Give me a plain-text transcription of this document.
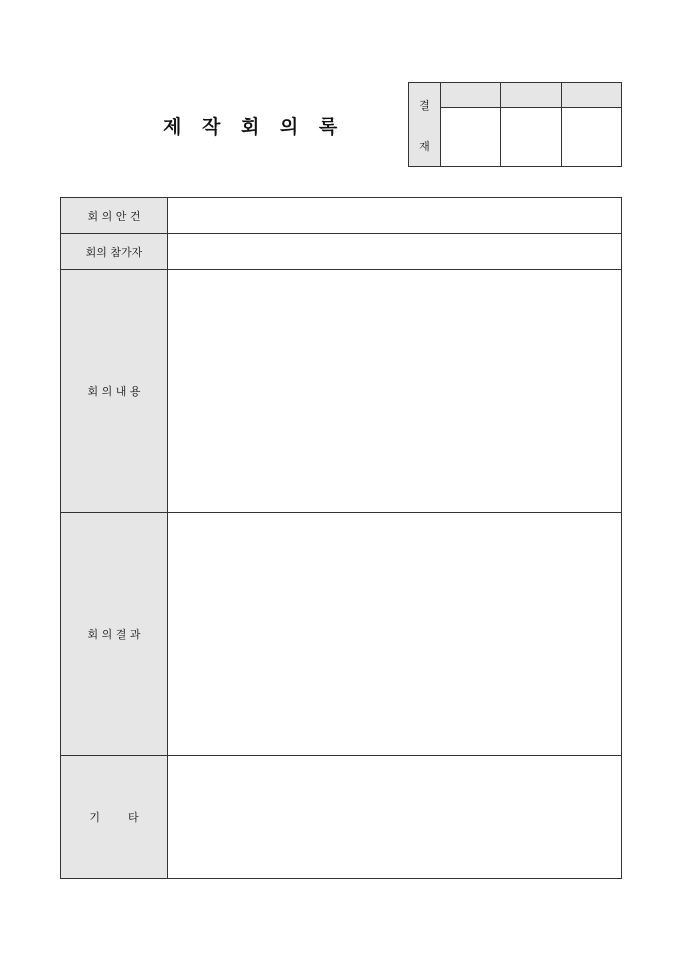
제 작 회 의 록
결
재
회 의 안 건
회의 참가자
회 의 내 용
회 의 결 과
기        타
